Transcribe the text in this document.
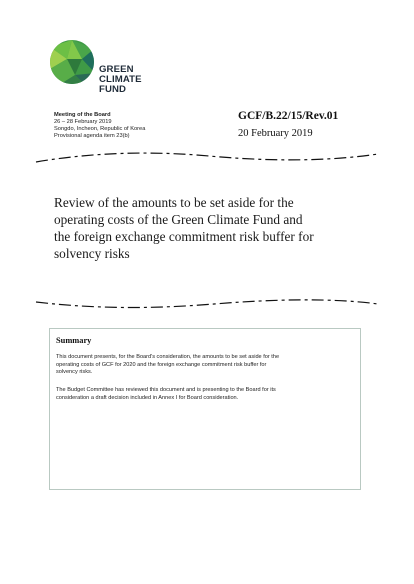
GREEN
CLIMATE
FUND
Meeting of the Board
26 – 28 February 2019
Songdo, Incheon, Republic of Korea
Provisional agenda item 23(b)
GCF/B.22/15/Rev.01
20 February 2019
Review of the amounts to be set aside for the
operating costs of the Green Climate Fund and
the foreign exchange commitment risk buffer for
solvency risks
Summary
This document presents, for the Board's consideration, the amounts to be set aside for the
operating costs of GCF for 2020 and the foreign exchange commitment risk buffer for
solvency risks.
The Budget Committee has reviewed this document and is presenting to the Board for its
consideration a draft decision included in Annex I for Board consideration.
